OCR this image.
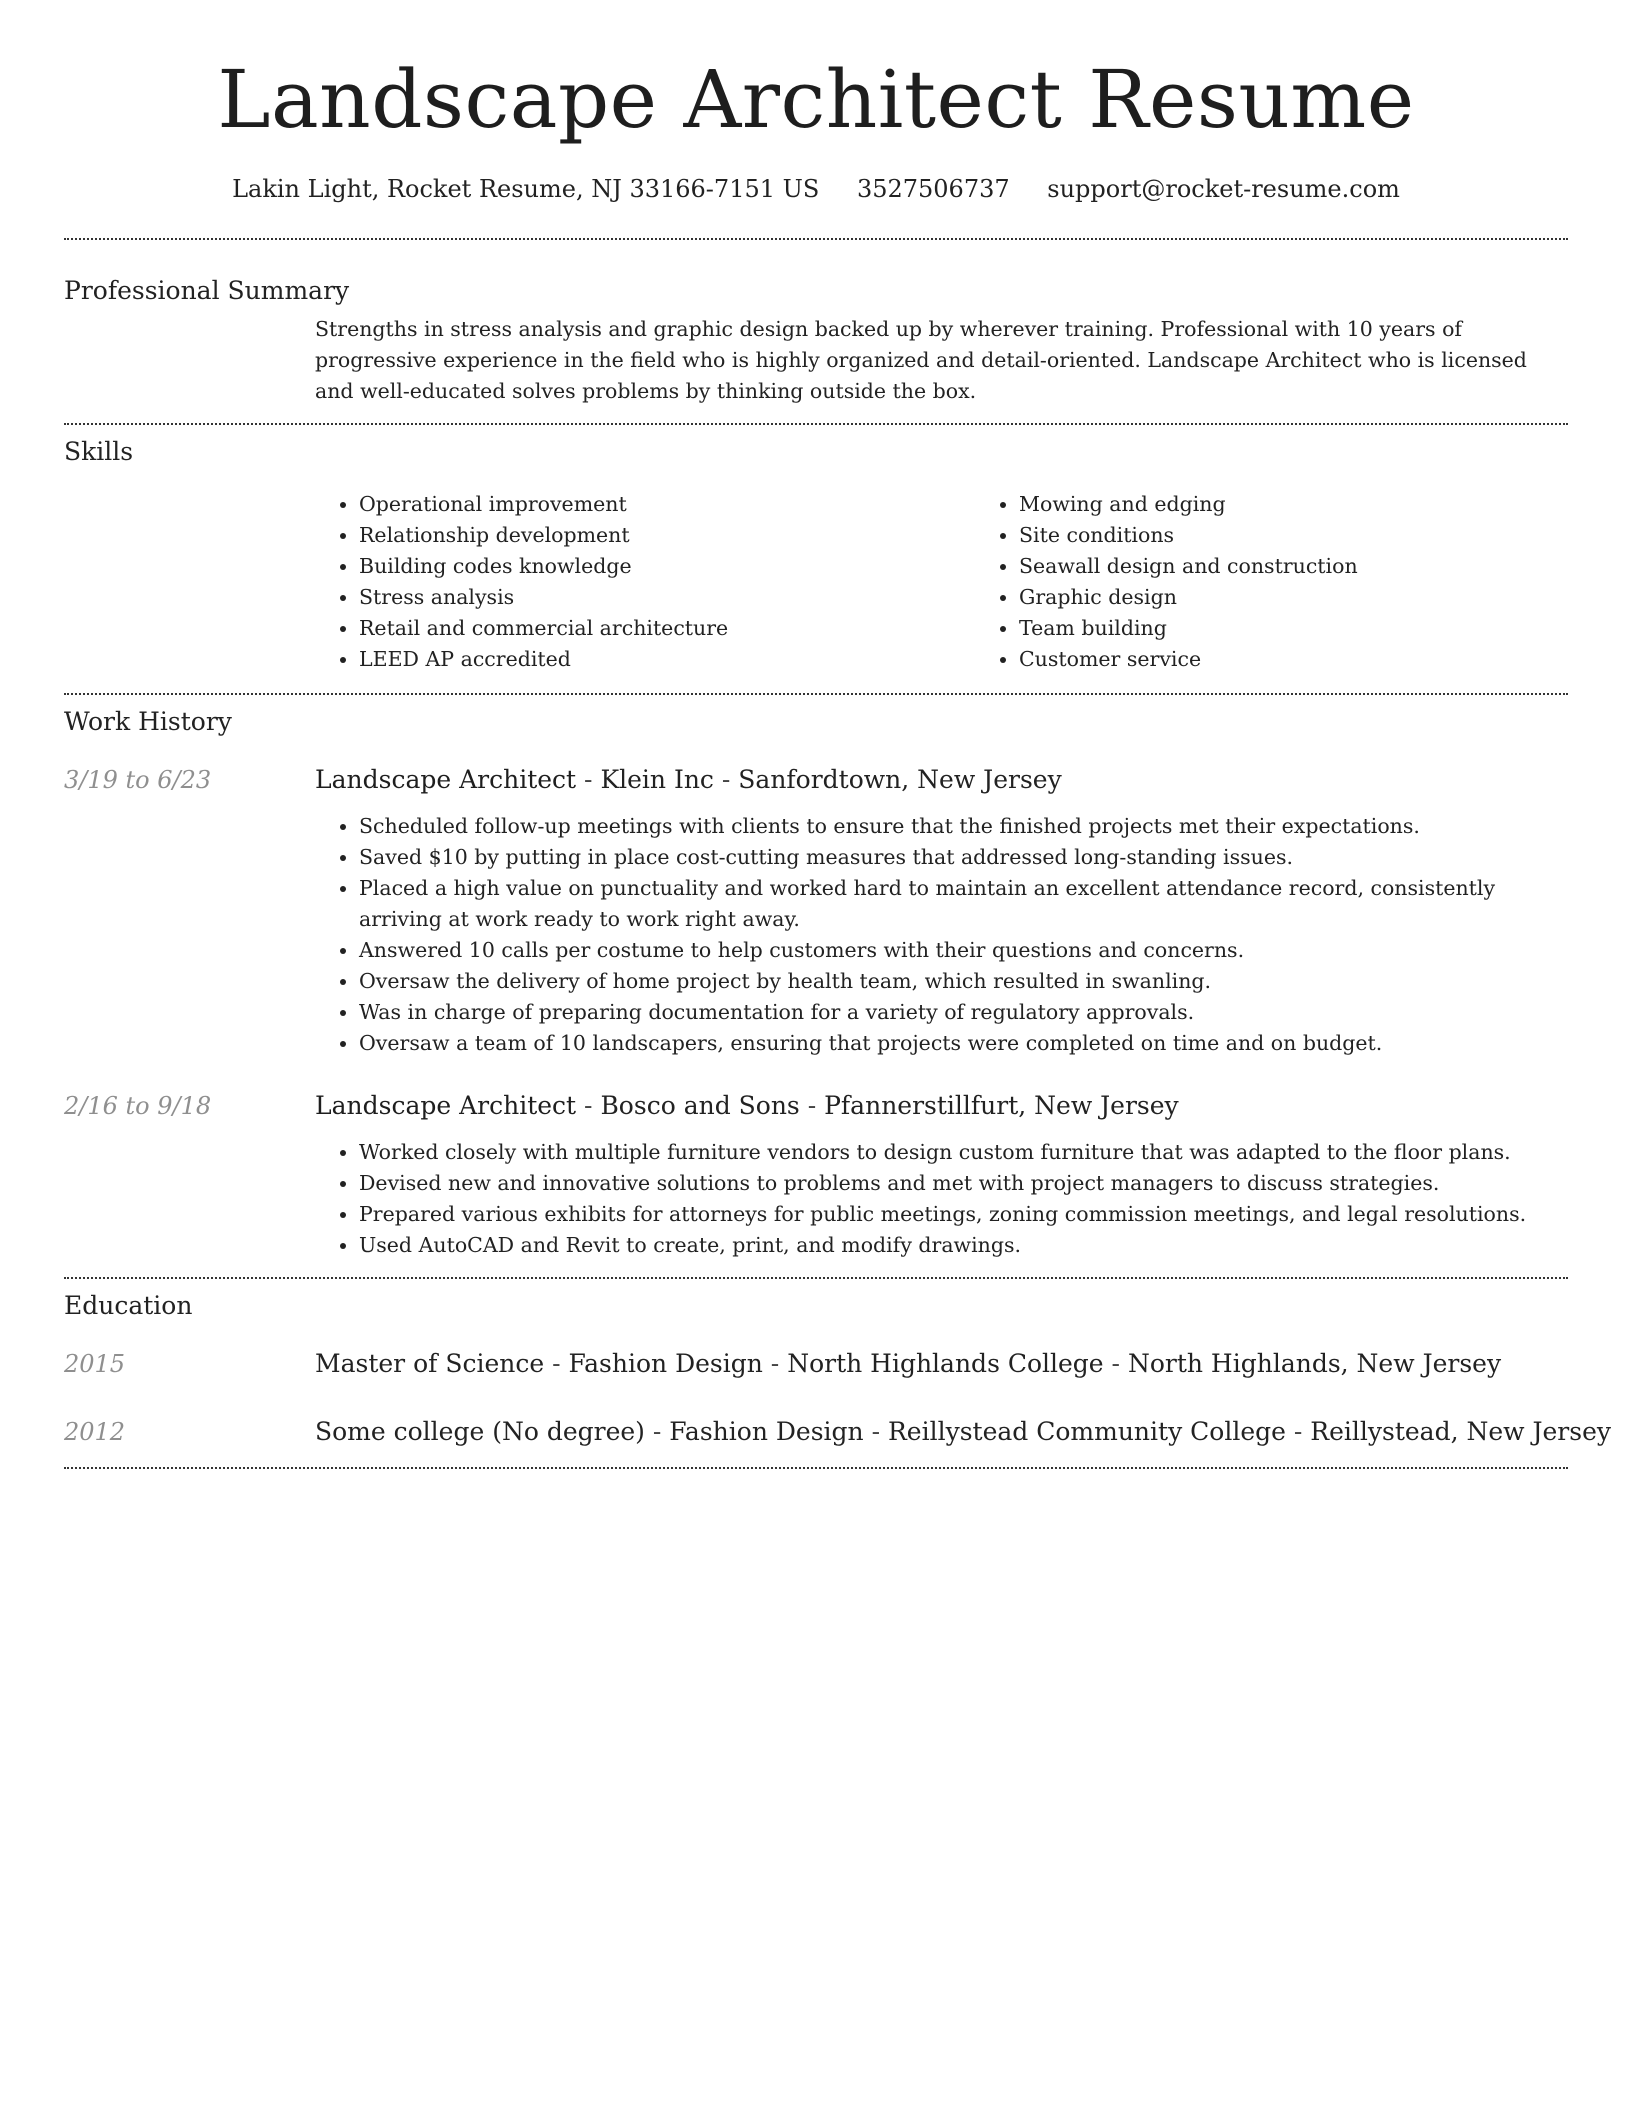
Landscape Architect Resume
Lakin Light, Rocket Resume, NJ 33166-7151 US 3527506737 support@rocket-resume.com
Professional Summary

Strengths in stress analysis and graphic design backed up by wherever training. Professional with 10 years of progressive experience in the field who is highly organized and detail-oriented. Landscape Architect who is licensed and well-educated solves problems by thinking outside the box.

Skills
• Operational improvement
• Relationship development
• Building codes knowledge
• Stress analysis
• Retail and commercial architecture
• LEED AP accredited
• Mowing and edging
• Site conditions
• Seawall design and construction
• Graphic design
• Team building
• Customer service
Work History
3/19 to 6/23	Landscape Architect - Klein Inc - Sanfordtown, New Jersey
• Scheduled follow-up meetings with clients to ensure that the finished projects met their expectations.
• Saved $10 by putting in place cost-cutting measures that addressed long-standing issues.
• Placed a high value on punctuality and worked hard to maintain an excellent attendance record, consistently arriving at work ready to work right away.
• Answered 10 calls per costume to help customers with their questions and concerns.
• Oversaw the delivery of home project by health team, which resulted in swanling.
• Was in charge of preparing documentation for a variety of regulatory approvals.
• Oversaw a team of 10 landscapers, ensuring that projects were completed on time and on budget.
2/16 to 9/18	Landscape Architect - Bosco and Sons - Pfannerstillfurt, New Jersey
• Worked closely with multiple furniture vendors to design custom furniture that was adapted to the floor plans.
• Devised new and innovative solutions to problems and met with project managers to discuss strategies.
• Prepared various exhibits for attorneys for public meetings, zoning commission meetings, and legal resolutions.
• Used AutoCAD and Revit to create, print, and modify drawings.
Education
2015	Master of Science - Fashion Design - North Highlands College - North Highlands, New Jersey
2012	Some college (No degree) - Fashion Design - Reillystead Community College - Reillystead, New Jersey
